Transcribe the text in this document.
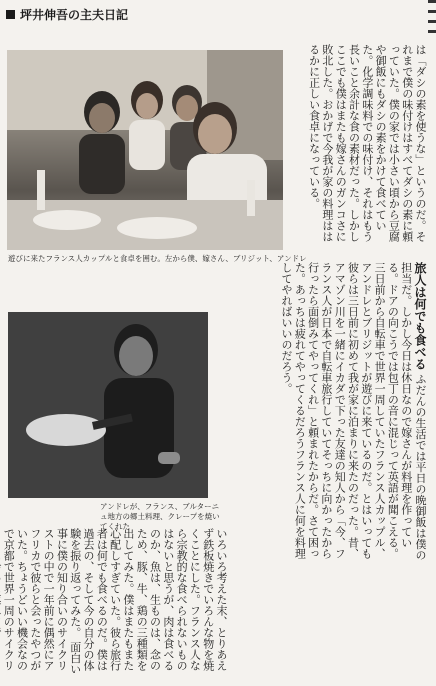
坪井伸吾の主夫日記
遊びに来たフランス人カップルと食卓を囲む。左から僕、嫁さん、ブリジット、アンドレ
アンドレが、フランス、ブルターニュ地方の郷土料理、クレープを焼いてくれた
は「ダシの素を使うな」というのだ。それまで僕の味付けはすべてダシの素に頼っていた。僕の家では小さい頃から豆腐や御飯にもダシの素をかけて食べていた。化学調味料での味付け、それはもう長いこと余計な食の素材だった。しかしここでも僕はまたも嫁さんのガンコさに敗北した。おかげで今我が家の料理ははるかに正しい食卓になっている。
旅人は何でも食べる ふだんの生活では平日の晩御飯は僕の担当だ。しかし今日は休日なので嫁さんが料理を作っている。ドアの向こうでは包丁の音に混じって英語が聞こえる。三日前から自転車で世界一周していたフランス人カップル、アンドレとブリジットが遊びに来ているのだ。とはいっても彼らは三日前に初めて我が家に泊まりに来たのだった。昔、アマゾン川を一緒にイカダで下った友達の知人から「今、フランス人が日本で自転車旅行していてそっちに向かったから行ったら面倒みてやってくれ」と頼まれたからだ。さて困った。あっちは疲れてやってくるだろうフランス人に何を料理してやればいいのだろう。
いろいろ考えた末、とりあえず鉄板焼きでいろんな物を焼くことにした。フランス人なら宗教的な食べられないものはないと思うが、肉は食べるのか、魚は、生ものは、念のため、豚、牛、鶏の三種類を出してみた。僕はまたもまた心配しすぎていた。彼ら旅行者は何でも食べるのだ。僕は過去の、そして今の自分の体験を振り返ってみた。 面白い事に僕の知り合いのサイクリストの中で一年前に偶然にアフリカで彼らと会ったやつがいた。ちょうどいい機会なので京都で世界一周のサイクリ
